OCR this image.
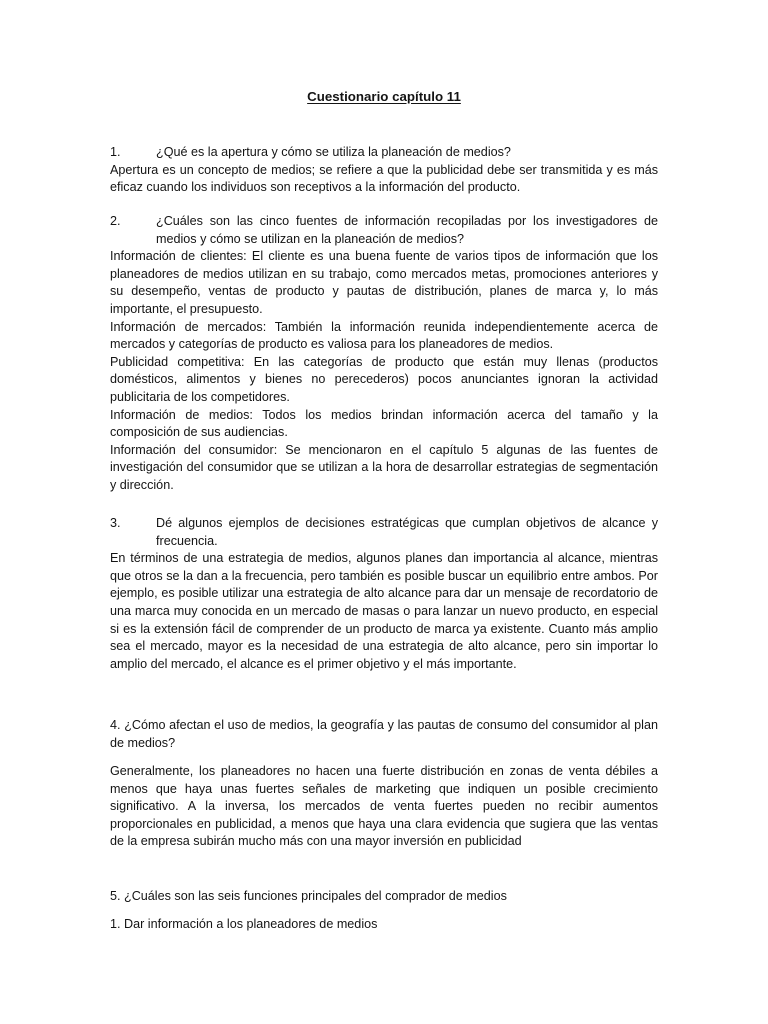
Cuestionario capítulo 11
1.	¿Qué es la apertura y cómo se utiliza la planeación de medios?

Apertura es un concepto de medios; se refiere a que la publicidad debe ser transmitida y es más eficaz cuando los individuos son receptivos a la información del producto.

2.	¿Cuáles son las cinco fuentes de información recopiladas por los investigadores de medios y cómo se utilizan en la planeación de medios?

Información de clientes: El cliente es una buena fuente de varios tipos de información que los planeadores de medios utilizan en su trabajo, como mercados metas, promociones anteriores y su desempeño, ventas de producto y pautas de distribución, planes de marca y, lo más importante, el presupuesto.

Información de mercados: También la información reunida independientemente acerca de mercados y categorías de producto es valiosa para los planeadores de medios.

Publicidad competitiva: En las categorías de producto que están muy llenas (productos domésticos, alimentos y bienes no perecederos) pocos anunciantes ignoran la actividad publicitaria de los competidores.

Información de medios: Todos los medios brindan información acerca del tamaño y la composición de sus audiencias.

Información del consumidor: Se mencionaron en el capítulo 5 algunas de las fuentes de investigación del consumidor que se utilizan a la hora de desarrollar estrategias de segmentación y dirección.

3.	Dé algunos ejemplos de decisiones estratégicas que cumplan objetivos de alcance y frecuencia.

En términos de una estrategia de medios, algunos planes dan importancia al alcance, mientras que otros se la dan a la frecuencia, pero también es posible buscar un equilibrio entre ambos. Por ejemplo, es posible utilizar una estrategia de alto alcance para dar un mensaje de recordatorio de una marca muy conocida en un mercado de masas o para lanzar un nuevo producto, en especial si es la extensión fácil de comprender de un producto de marca ya existente. Cuanto más amplio sea el mercado, mayor es la necesidad de una estrategia de alto alcance, pero sin importar lo amplio del mercado, el alcance es el primer objetivo y el más importante.

4. ¿Cómo afectan el uso de medios, la geografía y las pautas de consumo del consumidor al plan de medios?

Generalmente, los planeadores no hacen una fuerte distribución en zonas de venta débiles a menos que haya unas fuertes señales de marketing que indiquen un posible crecimiento significativo. A la inversa, los mercados de venta fuertes pueden no recibir aumentos proporcionales en publicidad, a menos que haya una clara evidencia que sugiera que las ventas de la empresa subirán mucho más con una mayor inversión en publicidad

5. ¿Cuáles son las seis funciones principales del comprador de medios

1. Dar información a los planeadores de medios
